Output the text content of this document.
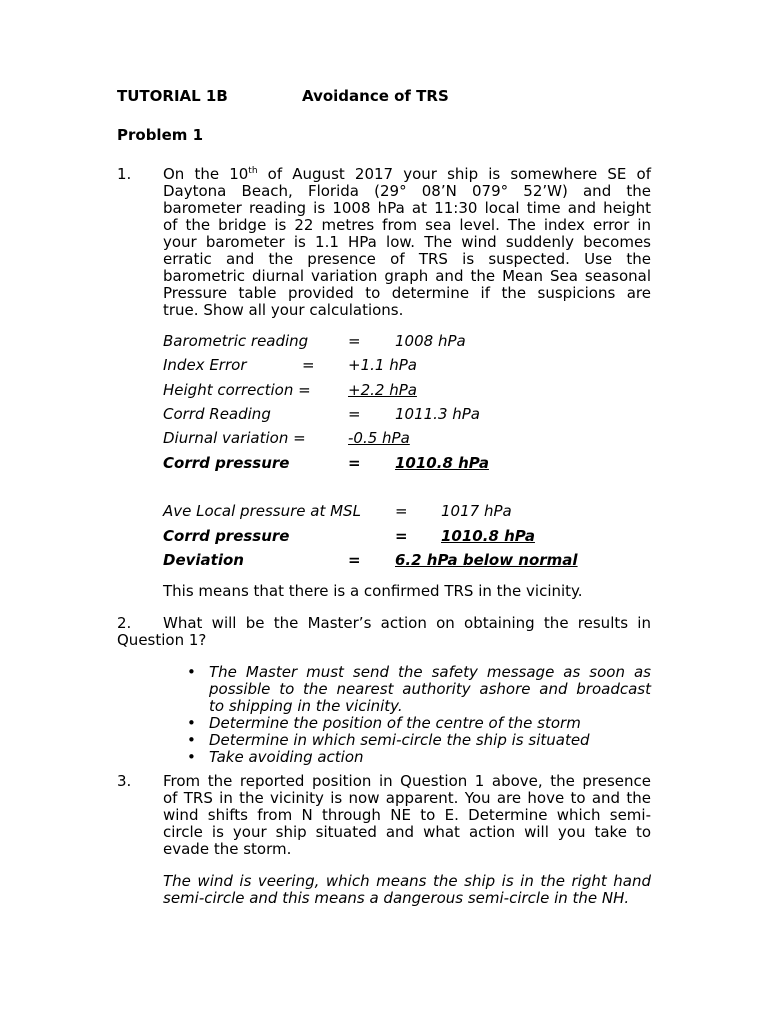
TUTORIAL 1B	Avoidance of TRS
Problem 1
1.	On the 10th of August 2017 your ship is somewhere SE of
Daytona Beach, Florida (29° 08’N 079° 52’W) and the
barometer reading is 1008 hPa at 11:30 local time and height
of the bridge is 22 metres from sea level. The index error in
your barometer is 1.1 HPa low. The wind suddenly becomes
erratic and the presence of TRS is suspected. Use the
barometric diurnal variation graph and the Mean Sea seasonal
Pressure table provided to determine if the suspicions are
true. Show all your calculations.
Barometric reading	= 1008 hPa
Index Error	= +1.1 hPa
Height correction =	+2.2 hPa
Corrd Reading	= 1011.3 hPa
Diurnal variation =	-0.5 hPa
Corrd pressure	=	1010.8 hPa
Ave Local pressure at MSL = 1017 hPa
Corrd pressure	=	1010.8 hPa
Deviation	=	6.2 hPa below normal
This means that there is a confirmed TRS in the vicinity.
2.	What will be the Master’s action on obtaining the results in
Question 1?
• The Master must send the safety message as soon as
possible to the nearest authority ashore and broadcast
to shipping in the vicinity.
• Determine the position of the centre of the storm
• Determine in which semi-circle the ship is situated
• Take avoiding action
3.	From the reported position in Question 1 above, the presence
of TRS in the vicinity is now apparent. You are hove to and the
wind shifts from N through NE to E. Determine which semi-
circle is your ship situated and what action will you take to
evade the storm.
The wind is veering, which means the ship is in the right hand
semi-circle and this means a dangerous semi-circle in the NH.
